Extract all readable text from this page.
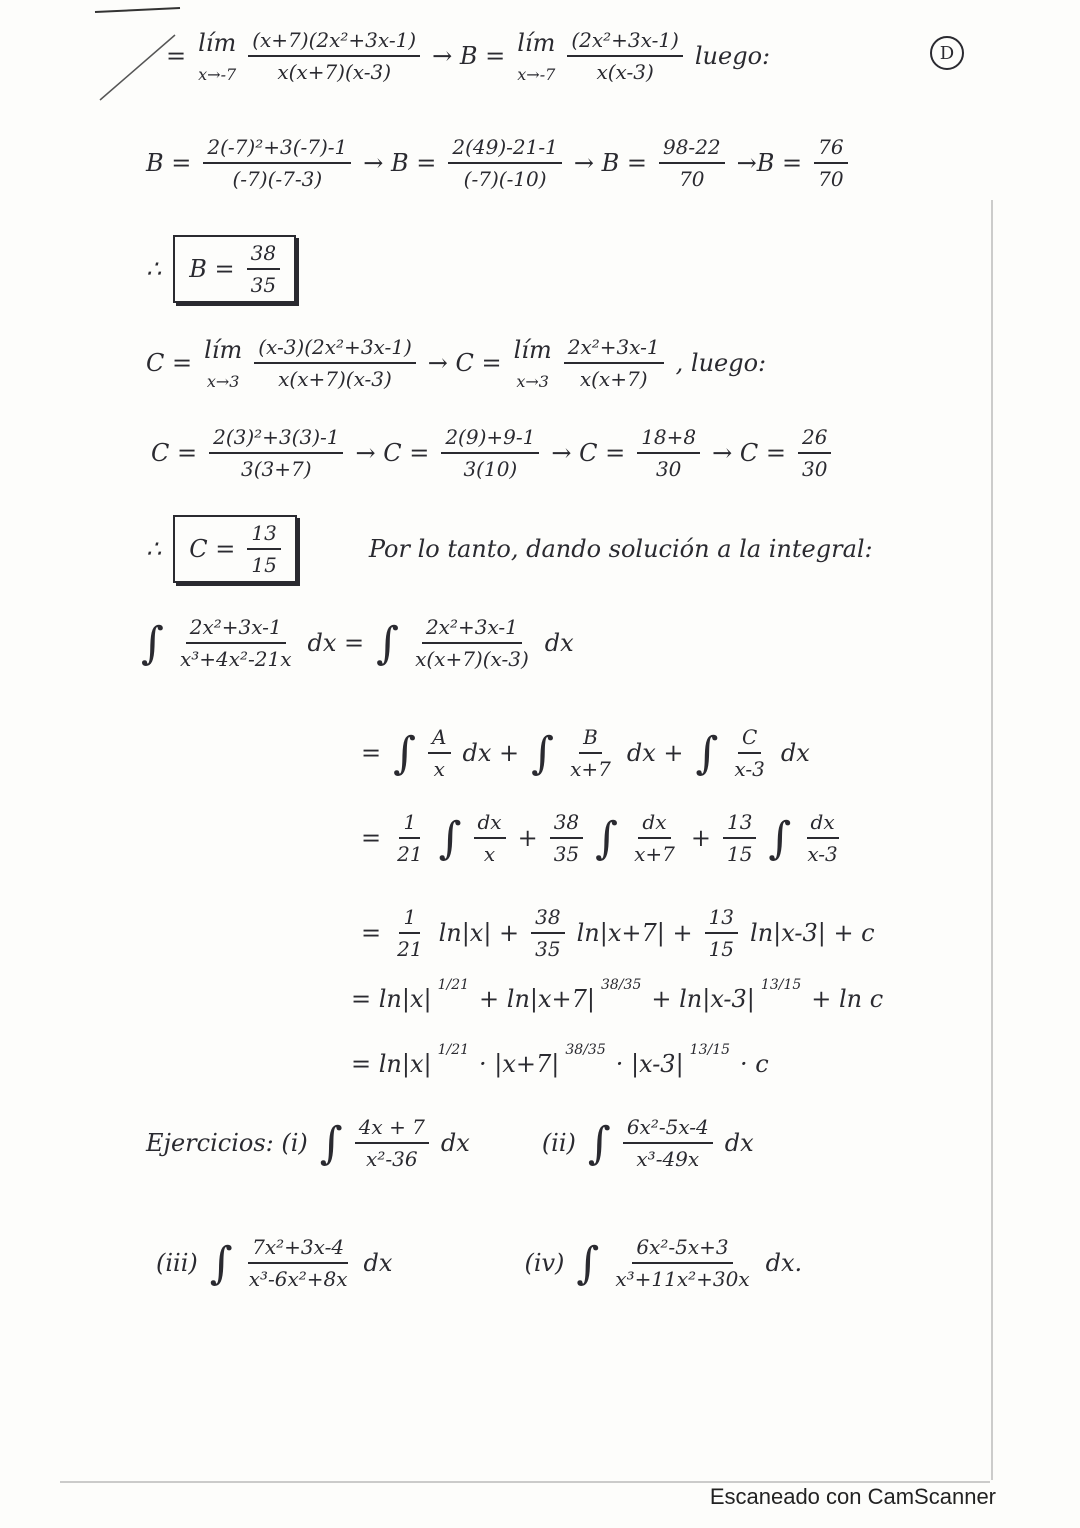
D
= lím
$x\to-7 \frac{\text{(x+7)(2x²+3x-1)}}{x(x+7)(x-3)} \to B$ = lím
$x\to-7 \frac{\text{(2x²+3x-1)}}{x(x-3)}$ luego:
$B = \frac{\text{2(-7)²+3(-7)-1}}{(-7)(-7-3)} \to B = \frac{2(49)-21-1}{(-7)(-10)} \to B = \frac{98-22}{70} \to B = \frac{76}{70}$
∴ $B = \frac{38}{35}$
C = lím
$x\to 3 \frac{\text{(x-3)(2x²+3x-1)}}{x(x+7)(x-3)} \to C$ = lím
$x\to 3 \frac{\text{2x²+3x-1}}{x(x+7)}$ , luego:
$C = \frac{\text{2(3)²+3(3)-1}}{3(3+7)} \to C = \frac{2(9)+9-1}{3(10)} \to C = \frac{18+8}{30} \to C = \frac{26}{30}$
∴ $C = \frac{13}{15}$	Por lo tanto, dando solución a la integral:
∫ $\frac{\text{2x²+3x-1}}{\text{x³+4x²-21x}}$ dx = ∫ $\frac{\text{2x²+3x-1}}{x(x+7)(x-3)}$ dx
= ∫ $\frac{A}{x}$ dx + ∫ $\frac{B}{x+7}$ dx + ∫ $\frac{C}{x-3}$ dx
= $\frac{1}{21}$ ∫ $\frac{dx}{x} + \frac{38}{35}$ ∫ $\frac{dx}{x+7} + \frac{13}{15}$ ∫ $\frac{dx}{x-3}$
= $\frac{1}{21} \ln|x| + \frac{38}{35} \ln|x+7| + \frac{13}{15} \ln|x-3| + c$
= ln|x| 1/21 + ln|x+7| 38/35 + ln|x-3| 13/15 + ln c
= ln|x| 1/21 · |x+7| 38/35 · |x-3| 13/15 · c
Ejercicios: (i) ∫ $\frac{4x + 7}{\text{x²-36}}$ dx	(ii) ∫ $\frac{\text{6x²-5x-4}}{\text{x³-49x}}$ dx
(iii) ∫ $\frac{\text{7x²+3x-4}}{\text{x³-6x²+8x}}$ dx	(iv) ∫ $\frac{\text{6x²-5x+3}}{\text{x³+11x²+30x}}$ dx.
Escaneado con CamScanner
